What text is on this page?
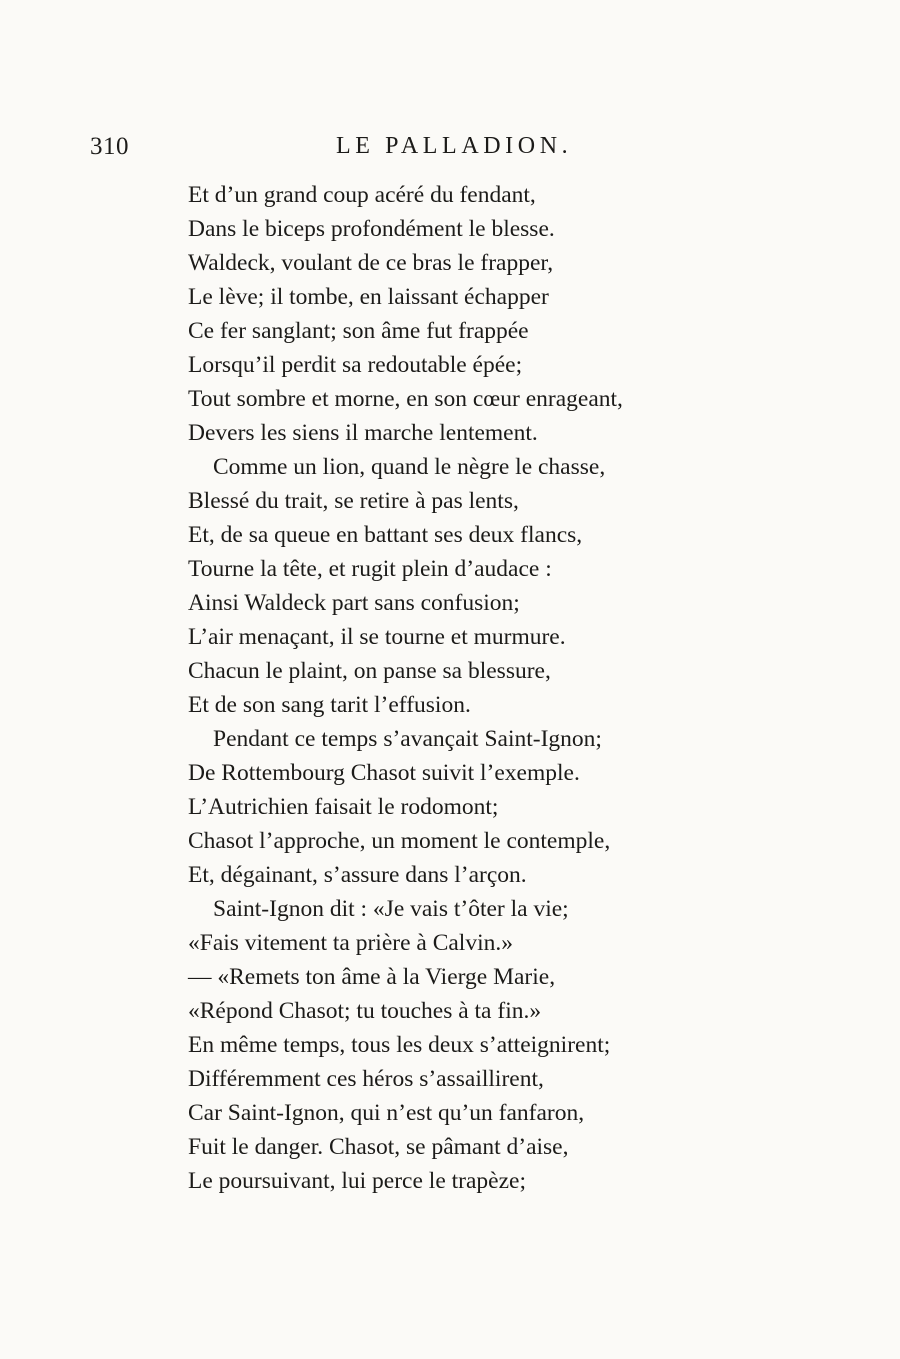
310	LE PALLADION.
Et d’un grand coup acéré du fendant,
Dans le biceps profondément le blesse.
Waldeck, voulant de ce bras le frapper,
Le lève; il tombe, en laissant échapper
Ce fer sanglant; son âme fut frappée
Lorsqu’il perdit sa redoutable épée;
Tout sombre et morne, en son cœur enrageant,
Devers les siens il marche lentement.
Comme un lion, quand le nègre le chasse,
Blessé du trait, se retire à pas lents,
Et, de sa queue en battant ses deux flancs,
Tourne la tête, et rugit plein d’audace :
Ainsi Waldeck part sans confusion;
L’air menaçant, il se tourne et murmure.
Chacun le plaint, on panse sa blessure,
Et de son sang tarit l’effusion.
Pendant ce temps s’avançait Saint-Ignon;
De Rottembourg Chasot suivit l’exemple.
L’Autrichien faisait le rodomont;
Chasot l’approche, un moment le contemple,
Et, dégainant, s’assure dans l’arçon.
Saint-Ignon dit : «Je vais t’ôter la vie;
«Fais vitement ta prière à Calvin.»
— «Remets ton âme à la Vierge Marie,
«Répond Chasot; tu touches à ta fin.»
En même temps, tous les deux s’atteignirent;
Différemment ces héros s’assaillirent,
Car Saint-Ignon, qui n’est qu’un fanfaron,
Fuit le danger. Chasot, se pâmant d’aise,
Le poursuivant, lui perce le trapèze;
